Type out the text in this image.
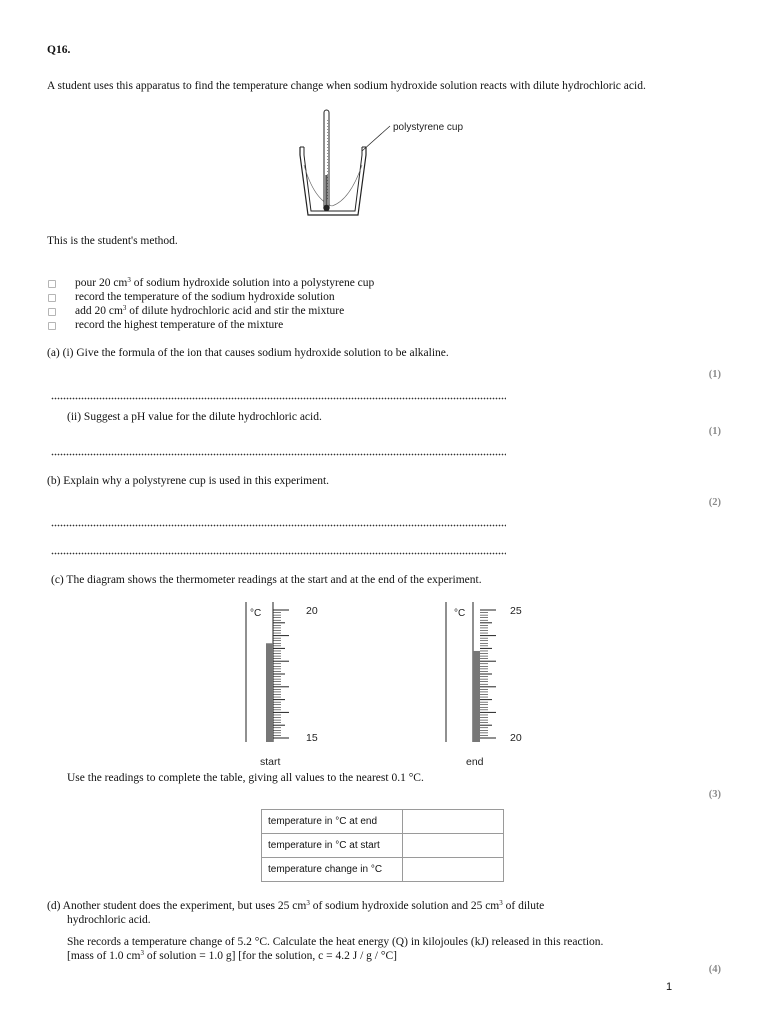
Q16.
A student uses this apparatus to find the temperature change when sodium hydroxide solution reacts with dilute hydrochloric acid.
polystyrene cup
This is the student's method.
pour 20 $cm^3$ of sodium hydroxide solution into a polystyrene cup
record the temperature of the sodium hydroxide solution
add 20 $cm^3$ of dilute hydrochloric acid and stir the mixture
record the highest temperature of the mixture
(a) (i) Give the formula of the ion that causes sodium hydroxide solution to be alkaline.
(1)
(ii) Suggest a pH value for the dilute hydrochloric acid.
(1)
(b) Explain why a polystyrene cup is used in this experiment.
(2)
(c) The diagram shows the thermometer readings at the start and at the end of the experiment.
°C	20
15
start
°C	25
20
end
Use the readings to complete the table, giving all values to the nearest 0.1 °C.
(3)
temperature in °C at end	
temperature in °C at start	
temperature change in °C	
(d) Another student does the experiment, but uses 25 $cm^3$ of sodium hydroxide solution and 25 $cm^3$ of dilute
hydrochloric acid.
She records a temperature change of 5.2 °C. Calculate the heat energy (Q) in kilojoules (kJ) released in this reaction.
[mass of 1.0 $cm^3$ of solution = 1.0 g] [for the solution, c = 4.2 J / g / °C]
(4)
1
